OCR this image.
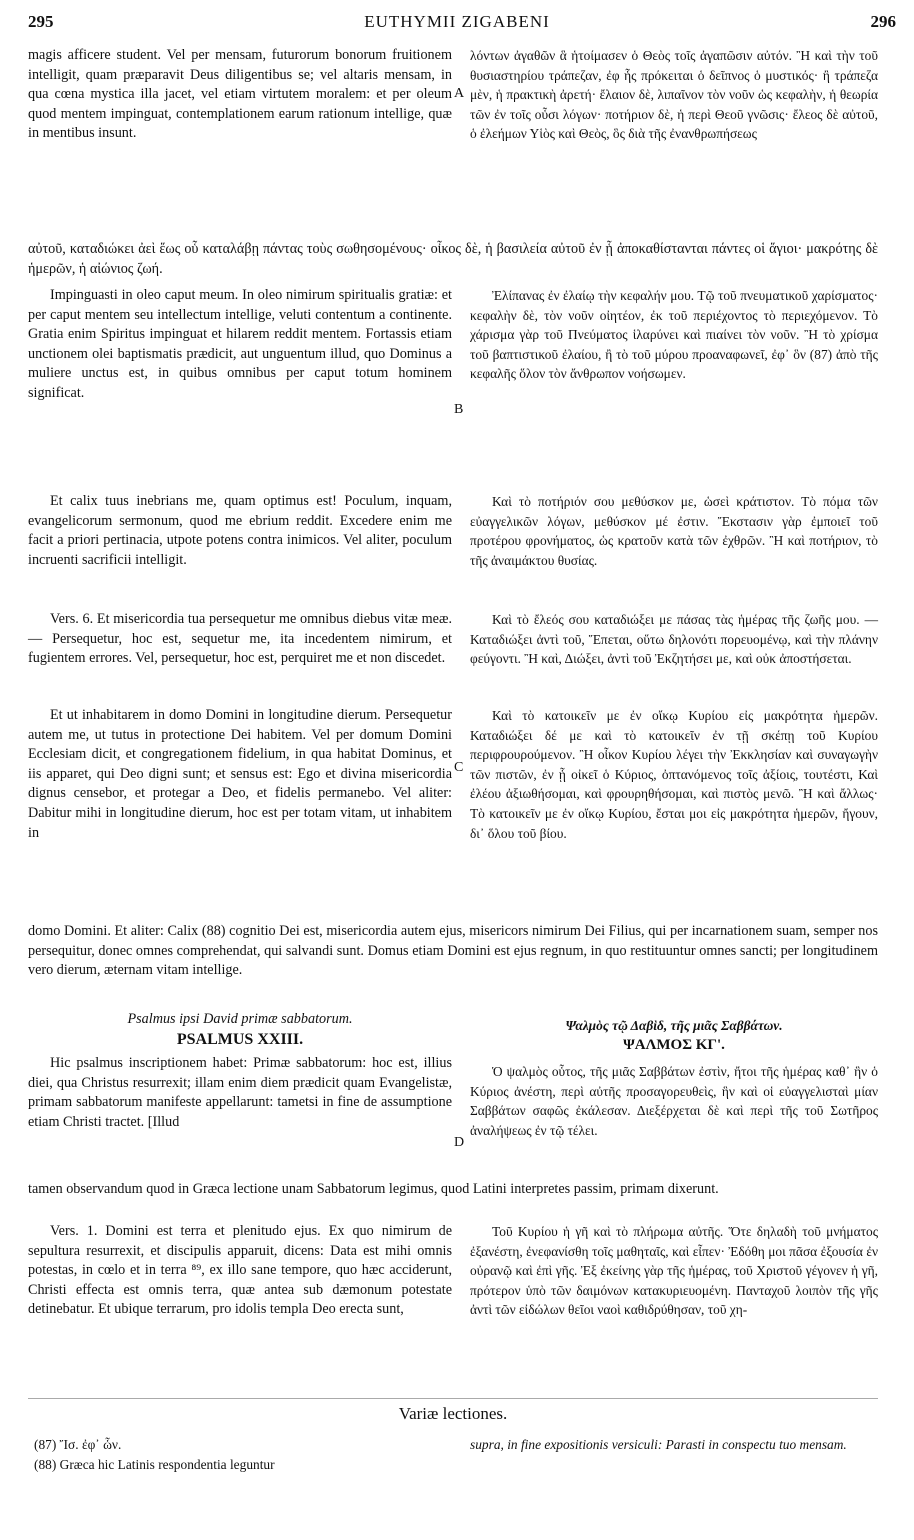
295	EUTHYMII ZIGABENI	296
A
B
C
D

magis afficere student. Vel per mensam, futurorum bonorum fruitionem intelligit, quam præparavit Deus diligentibus se; vel altaris mensam, in qua cœna mystica illa jacet, vel etiam virtutem moralem: et per oleum quod mentem impinguat, contemplationem earum rationum intellige, quæ in mentibus insunt.

λόντων ἀγαθῶν ἃ ἡτοίμασεν ὁ Θεὸς τοῖς ἀγαπῶσιν αὐτόν. Ἢ καὶ τὴν τοῦ θυσιαστηρίου τράπεζαν, ἐφ ἧς πρόκειται ὁ δεῖπνος ὁ μυστικός· ἢ τράπεζα μὲν, ἡ πρακτικὴ ἀρετή· ἔλαιον δὲ, λιπαῖνον τὸν νοῦν ὡς κεφαλὴν, ἡ θεωρία τῶν ἐν τοῖς οὖσι λόγων· ποτήριον δὲ, ἡ περὶ Θεοῦ γνῶσις· ἔλεος δὲ αὐτοῦ, ὁ ἐλεήμων Υἱὸς καὶ Θεὸς, ὃς διὰ τῆς ἐνανθρωπήσεως

αὐτοῦ, καταδιώκει ἀεὶ ἕως οὗ καταλάβῃ πάντας τοὺς σωθησομένους· οἶκος δὲ, ἡ βασιλεία αὐτοῦ ἐν ᾗ ἀποκαθίστανται πάντες οἱ ἅγιοι· μακρότης δὲ ἡμερῶν, ἡ αἰώνιος ζωή.

Impinguasti in oleo caput meum. In oleo nimirum spiritualis gratiæ: et per caput mentem seu intellectum intellige, veluti contentum a continente. Gratia enim Spiritus impinguat et hilarem reddit mentem. Fortassis etiam unctionem olei baptismatis prædicit, aut unguentum illud, quo Dominus a muliere unctus est, in quibus omnibus per caput totum hominem significat.

Ἐλίπανας ἐν ἐλαίῳ τὴν κεφαλήν μου. Τῷ τοῦ πνευματικοῦ χαρίσματος· κεφαλὴν δὲ, τὸν νοῦν οἰητέον, ἐκ τοῦ περιέχοντος τὸ περιεχόμενον. Τὸ χάρισμα γὰρ τοῦ Πνεύματος ἱλαρύνει καὶ πιαίνει τὸν νοῦν. Ἢ τὸ χρίσμα τοῦ βαπτιστικοῦ ἐλαίου, ἢ τὸ τοῦ μύρου προαναφωνεῖ, ἐφ᾽ ὃν (87) ἀπὸ τῆς κεφαλῆς ὅλον τὸν ἄνθρωπον νοήσωμεν.

Et calix tuus inebrians me, quam optimus est! Poculum, inquam, evangelicorum sermonum, quod me ebrium reddit. Excedere enim me facit a priori pertinacia, utpote potens contra inimicos. Vel aliter, poculum incruenti sacrificii intelligit.

Καὶ τὸ ποτήριόν σου μεθύσκον με, ὡσεὶ κράτιστον. Τὸ πόμα τῶν εὐαγγελικῶν λόγων, μεθύσκον μέ ἐστιν. Ἔκστασιν γὰρ ἐμποιεῖ τοῦ προτέρου φρονήματος, ὡς κρατοῦν κατὰ τῶν ἐχθρῶν. Ἢ καὶ ποτήριον, τὸ τῆς ἀναιμάκτου θυσίας.

Vers. 6. Et misericordia tua persequetur me omnibus diebus vitæ meæ. — Persequetur, hoc est, sequetur me, ita incedentem nimirum, et fugientem errores. Vel, persequetur, hoc est, perquiret me et non discedet.

Καὶ τὸ ἔλεός σου καταδιώξει με πάσας τὰς ἡμέρας τῆς ζωῆς μου. — Καταδιώξει ἀντὶ τοῦ, Ἕπεται, οὕτω δηλονότι πορευομένῳ, καὶ τὴν πλάνην φεύγοντι. Ἢ καὶ, Διώξει, ἀντὶ τοῦ Ἐκζητήσει με, καὶ οὐκ ἀποστήσεται.

Et ut inhabitarem in domo Domini in longitudine dierum. Persequetur autem me, ut tutus in protectione Dei habitem. Vel per domum Domini Ecclesiam dicit, et congregationem fidelium, in qua habitat Dominus, et iis apparet, qui Deo digni sunt; et sensus est: Ego et divina misericordia dignus censebor, et protegar a Deo, et fidelis permanebo. Vel aliter: Dabitur mihi in longitudine dierum, hoc est per totam vitam, ut inhabitem in

Καὶ τὸ κατοικεῖν με ἐν οἴκῳ Κυρίου εἰς μακρότητα ἡμερῶν. Καταδιώξει δέ με καὶ τὸ κατοικεῖν ἐν τῇ σκέπῃ τοῦ Κυρίου περιφρουρούμενον. Ἢ οἶκον Κυρίου λέγει τὴν Ἐκκλησίαν καὶ συναγωγὴν τῶν πιστῶν, ἐν ᾗ οἰκεῖ ὁ Κύριος, ὀπτανόμενος τοῖς ἀξίοις, τουτέστι, Καὶ ἐλέου ἀξιωθήσομαι, καὶ φρουρηθήσομαι, καὶ πιστὸς μενῶ. Ἢ καὶ ἄλλως· Τὸ κατοικεῖν με ἐν οἴκῳ Κυρίου, ἔσται μοι εἰς μακρότητα ἡμερῶν, ἤγουν, δι᾽ ὅλου τοῦ βίου.

domo Domini. Et aliter: Calix (88) cognitio Dei est, misericordia autem ejus, misericors nimirum Dei Filius, qui per incarnationem suam, semper nos persequitur, donec omnes comprehendat, qui salvandi sunt. Domus etiam Domini est ejus regnum, in quo restituuntur omnes sancti; per longitudinem vero dierum, æternam vitam intellige.

Psalmus ipsi David primæ sabbatorum.
PSALMUS XXIII.
Ψαλμὸς τῷ Δαβὶδ, τῆς μιᾶς Σαββάτων.
ΨΑΛΜΟΣ ΚΓ'.

Hic psalmus inscriptionem habet: Primæ sabbatorum: hoc est, illius diei, qua Christus resurrexit; illam enim diem prædicit quam Evangelistæ, primam sabbatorum manifeste appellarunt: tametsi in fine de assumptione etiam Christi tractet. [Illud

Ὁ ψαλμὸς οὗτος, τῆς μιᾶς Σαββάτων ἐστὶν, ἤτοι τῆς ἡμέρας καθ᾽ ἣν ὁ Κύριος ἀνέστη, περὶ αὐτῆς προσαγορευθεὶς, ἣν καὶ οἱ εὐαγγελισταὶ μίαν Σαββάτων σαφῶς ἐκάλεσαν. Διεξέρχεται δὲ καὶ περὶ τῆς τοῦ Σωτῆρος ἀναλήψεως ἐν τῷ τέλει.

tamen observandum quod in Græca lectione unam Sabbatorum legimus, quod Latini interpretes passim, primam dixerunt.

Vers. 1. Domini est terra et plenitudo ejus. Ex quo nimirum de sepultura resurrexit, et discipulis apparuit, dicens: Data est mihi omnis potestas, in cœlo et in terra ⁸⁹, ex illo sane tempore, quo hæc acciderunt, Christi effecta est omnis terra, quæ antea sub dæmonum potestate detinebatur. Et ubique terrarum, pro idolis templa Deo erecta sunt,

Τοῦ Κυρίου ἡ γῆ καὶ τὸ πλήρωμα αὐτῆς. Ὅτε δηλαδὴ τοῦ μνήματος ἐξανέστη, ἐνεφανίσθη τοῖς μαθηταῖς, καὶ εἶπεν· Ἐδόθη μοι πᾶσα ἐξουσία ἐν οὐρανῷ καὶ ἐπὶ γῆς. Ἐξ ἐκείνης γὰρ τῆς ἡμέρας, τοῦ Χριστοῦ γέγονεν ἡ γῆ, πρότερον ὑπὸ τῶν δαιμόνων κατακυριευομένη. Πανταχοῦ λοιπὸν τῆς γῆς ἀντὶ τῶν εἰδώλων θεῖοι ναοὶ καθιδρύθησαν, τοῦ χη-

Variæ lectiones.
(87) Ἴσ. ἐφ᾽ ὧν.
(88) Græca hic Latinis respondentia leguntur
supra, in fine expositionis versiculi: Parasti in conspectu tuo mensam.
